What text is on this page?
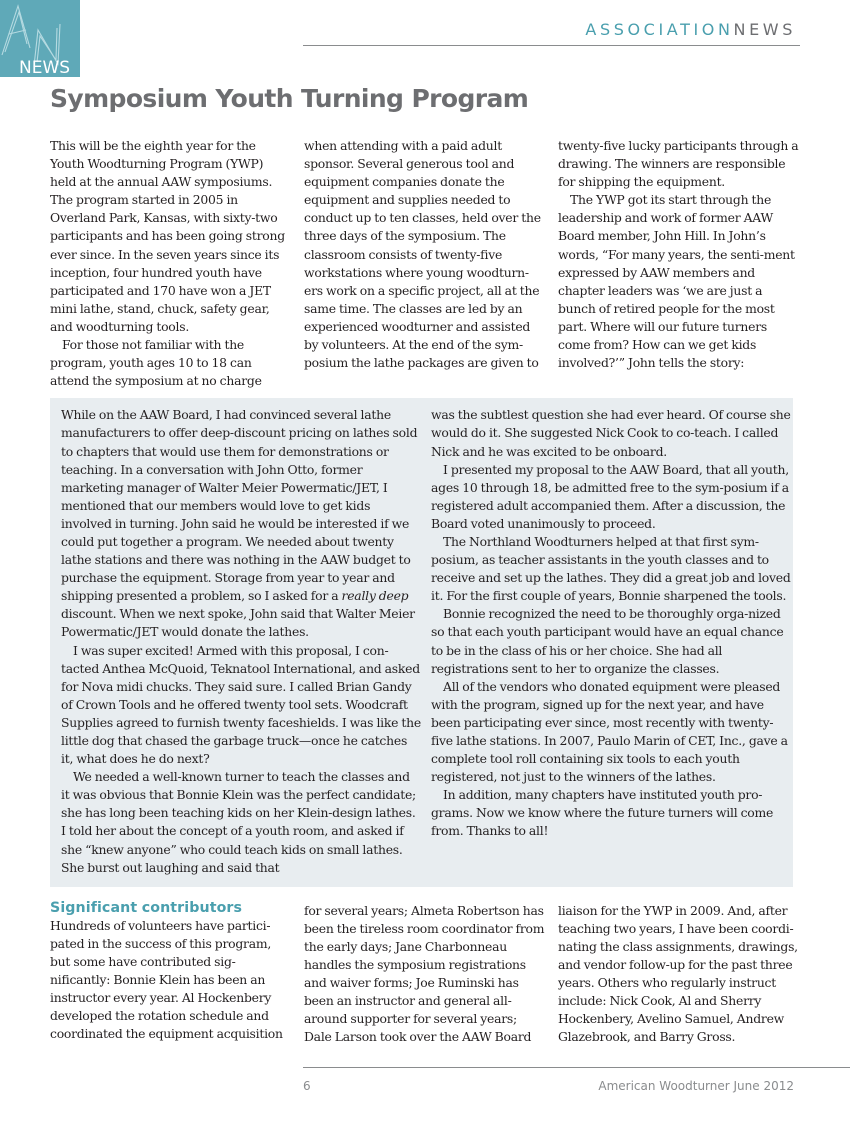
NEWS
ASSOCIATIONNEWS
Symposium Youth Turning Program

This will be the eighth year for the Youth Woodturning Program (YWP) held at the annual AAW symposiums. The program started in 2005 in Overland Park, Kansas, with sixty-two participants and has been going strong ever since. In the seven years since its inception, four hundred youth have participated and 170 have won a JET mini lathe, stand, chuck, safety gear, and woodturning tools.

For those not familiar with the program, youth ages 10 to 18 can attend the symposium at no charge

when attending with a paid adult sponsor. Several generous tool and equipment companies donate the equipment and supplies needed to conduct up to ten classes, held over the three days of the symposium. The classroom consists of twenty-five workstations where young woodturn-ers work on a specific project, all at the same time. The classes are led by an experienced woodturner and assisted by volunteers. At the end of the sym-posium the lathe packages are given to

twenty-five lucky participants through a drawing. The winners are responsible for shipping the equipment.

The YWP got its start through the leadership and work of former AAW Board member, John Hill. In John’s words, “For many years, the senti-ment expressed by AAW members and chapter leaders was ‘we are just a bunch of retired people for the most part. Where will our future turners come from? How can we get kids involved?’” John tells the story:

While on the AAW Board, I had convinced several lathe manufacturers to offer deep-discount pricing on lathes sold to chapters that would use them for demonstrations or teaching. In a conversation with John Otto, former marketing manager of Walter Meier Powermatic/JET, I mentioned that our members would love to get kids involved in turning. John said he would be interested if we could put together a program. We needed about twenty lathe stations and there was nothing in the AAW budget to purchase the equipment. Storage from year to year and shipping presented a problem, so I asked for a really deep discount. When we next spoke, John said that Walter Meier Powermatic/JET would donate the lathes.

I was super excited! Armed with this proposal, I con-tacted Anthea McQuoid, Teknatool International, and asked for Nova midi chucks. They said sure. I called Brian Gandy of Crown Tools and he offered twenty tool sets. Woodcraft Supplies agreed to furnish twenty faceshields. I was like the little dog that chased the garbage truck—once he catches it, what does he do next?

We needed a well-known turner to teach the classes and it was obvious that Bonnie Klein was the perfect candidate; she has long been teaching kids on her Klein-design lathes. I told her about the concept of a youth room, and asked if she “knew anyone” who could teach kids on small lathes. She burst out laughing and said that

was the subtlest question she had ever heard. Of course she would do it. She suggested Nick Cook to co-teach. I called Nick and he was excited to be onboard.

I presented my proposal to the AAW Board, that all youth, ages 10 through 18, be admitted free to the sym-posium if a registered adult accompanied them. After a discussion, the Board voted unanimously to proceed.

The Northland Woodturners helped at that first sym-posium, as teacher assistants in the youth classes and to receive and set up the lathes. They did a great job and loved it. For the first couple of years, Bonnie sharpened the tools.

Bonnie recognized the need to be thoroughly orga-nized so that each youth participant would have an equal chance to be in the class of his or her choice. She had all registrations sent to her to organize the classes.

All of the vendors who donated equipment were pleased with the program, signed up for the next year, and have been participating ever since, most recently with twenty-five lathe stations. In 2007, Paulo Marin of CET, Inc., gave a complete tool roll containing six tools to each youth registered, not just to the winners of the lathes.

In addition, many chapters have instituted youth pro-grams. Now we know where the future turners will come from. Thanks to all!

Significant contributors

Hundreds of volunteers have partici-pated in the success of this program, but some have contributed sig-nificantly: Bonnie Klein has been an instructor every year. Al Hockenbery developed the rotation schedule and coordinated the equipment acquisition

for several years; Almeta Robertson has been the tireless room coordinator from the early days; Jane Charbonneau handles the symposium registrations and waiver forms; Joe Ruminski has been an instructor and general all-around supporter for several years; Dale Larson took over the AAW Board

liaison for the YWP in 2009. And, after teaching two years, I have been coordi-nating the class assignments, drawings, and vendor follow-up for the past three years. Others who regularly instruct include: Nick Cook, Al and Sherry Hockenbery, Avelino Samuel, Andrew Glazebrook, and Barry Gross.

6	American Woodturner June 2012
